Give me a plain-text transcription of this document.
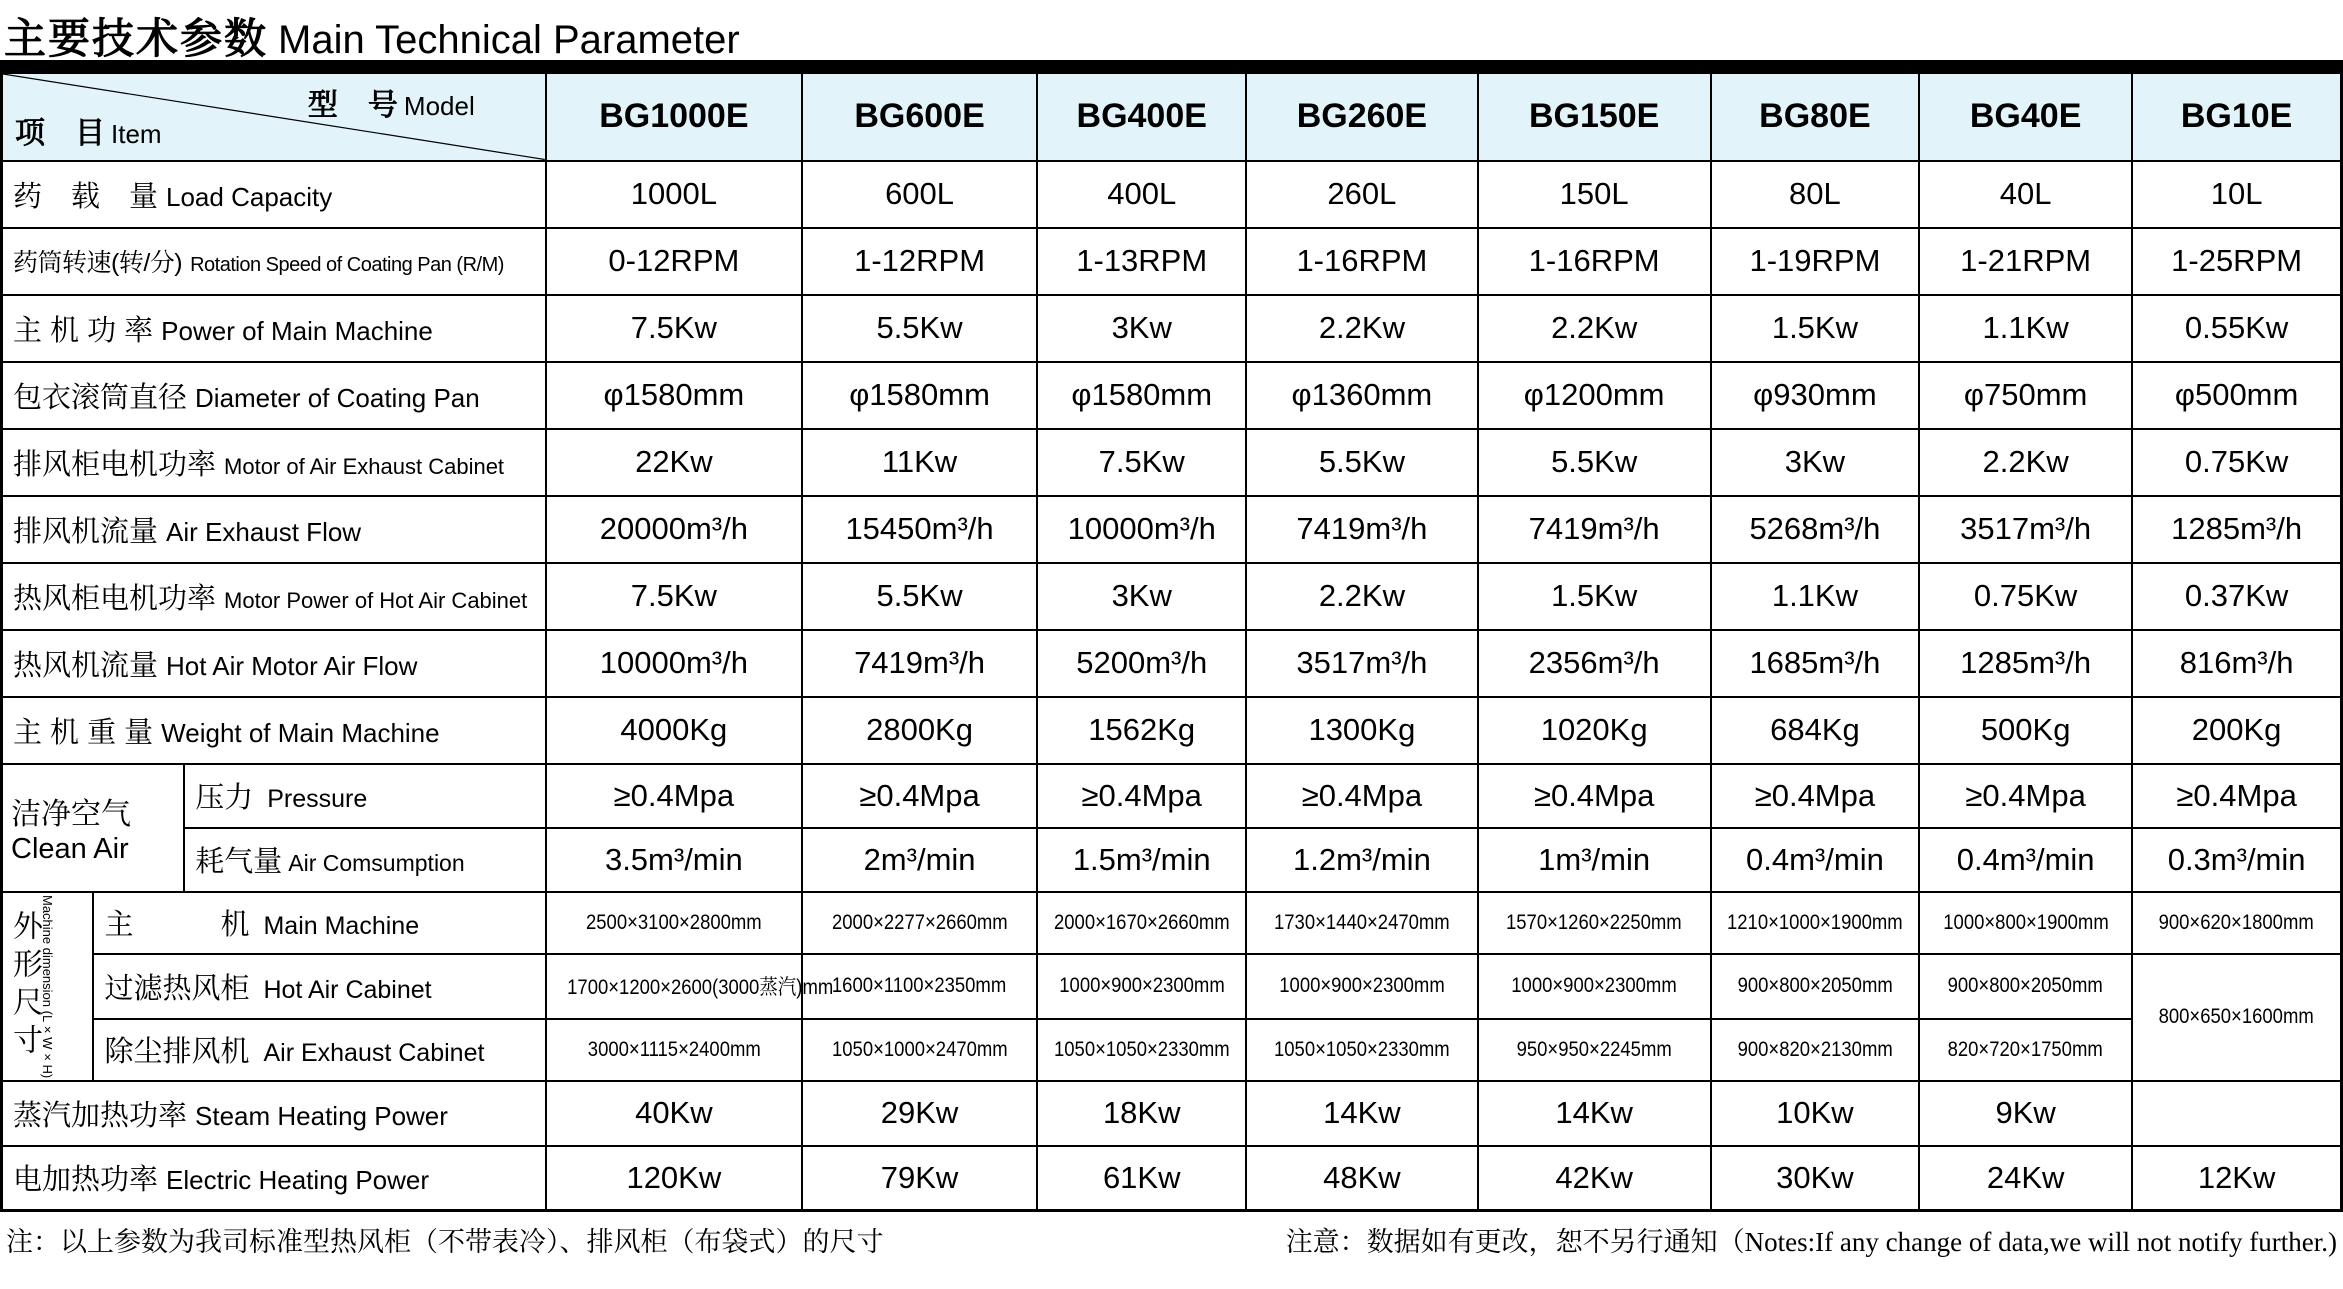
主要技术参数 Main Technical Parameter
型　号 Model
项　目 Item			BG1000E	BG600E	BG400E	BG260E	BG150E	BG80E	BG40E	BG10E
药　载　量 Load Capacity			1000L	600L	400L	260L	150L	80L	40L	10L
药筒转速(转/分) Rotation Speed of Coating Pan (R/M)			0-12RPM	1-12RPM	1-13RPM	1-16RPM	1-16RPM	1-19RPM	1-21RPM	1-25RPM
主 机 功 率 Power of Main Machine			7.5Kw	5.5Kw	3Kw	2.2Kw	2.2Kw	1.5Kw	1.1Kw	0.55Kw
包衣滚筒直径 Diameter of Coating Pan			φ1580mm	φ1580mm	φ1580mm	φ1360mm	φ1200mm	φ930mm	φ750mm	φ500mm
排风柜电机功率 Motor of Air Exhaust Cabinet			22Kw	11Kw	7.5Kw	5.5Kw	5.5Kw	3Kw	2.2Kw	0.75Kw
排风机流量 Air Exhaust Flow			20000m³/h	15450m³/h	10000m³/h	7419m³/h	7419m³/h	5268m³/h	3517m³/h	1285m³/h
热风柜电机功率 Motor Power of Hot Air Cabinet			7.5Kw	5.5Kw	3Kw	2.2Kw	1.5Kw	1.1Kw	0.75Kw	0.37Kw
热风机流量 Hot Air Motor Air Flow			10000m³/h	7419m³/h	5200m³/h	3517m³/h	2356m³/h	1685m³/h	1285m³/h	816m³/h
主 机 重 量 Weight of Main Machine			4000Kg	2800Kg	1562Kg	1300Kg	1020Kg	684Kg	500Kg	200Kg

洁净空气
Clean Air		压力 Pressure	≥0.4Mpa	≥0.4Mpa	≥0.4Mpa	≥0.4Mpa	≥0.4Mpa	≥0.4Mpa	≥0.4Mpa	≥0.4Mpa
		耗气量 Air Comsumption	3.5m³/min	2m³/min	1.5m³/min	1.2m³/min	1m³/min	0.4m³/min	0.4m³/min	0.3m³/min

外形尺寸 Machine dimension (L×W×H)	主　　　机 Main Machine		2500×3100×2800mm	2000×2277×2660mm	2000×1670×2660mm	1730×1440×2470mm	1570×1260×2250mm	1210×1000×1900mm	1000×800×1900mm	900×620×1800mm
	过滤热风柜 Hot Air Cabinet		1700×1200×2600(3000蒸汽)mm	1600×1100×2350mm	1000×900×2300mm	1000×900×2300mm	1000×900×2300mm	900×800×2050mm	900×800×2050mm	800×650×1600mm
	除尘排风机 Air Exhaust Cabinet		3000×1115×2400mm	1050×1000×2470mm	1050×1050×2330mm	1050×1050×2330mm	950×950×2245mm	900×820×2130mm	820×720×1750mm	
蒸汽加热功率 Steam Heating Power			40Kw	29Kw	18Kw	14Kw	14Kw	10Kw	9Kw	
电加热功率 Electric Heating Power			120Kw	79Kw	61Kw	48Kw	42Kw	30Kw	24Kw	12Kw
注：以上参数为我司标准型热风柜（不带表冷）、排风柜（布袋式）的尺寸	注意：数据如有更改，恕不另行通知（Notes:If any change of data,we will not notify further.)
